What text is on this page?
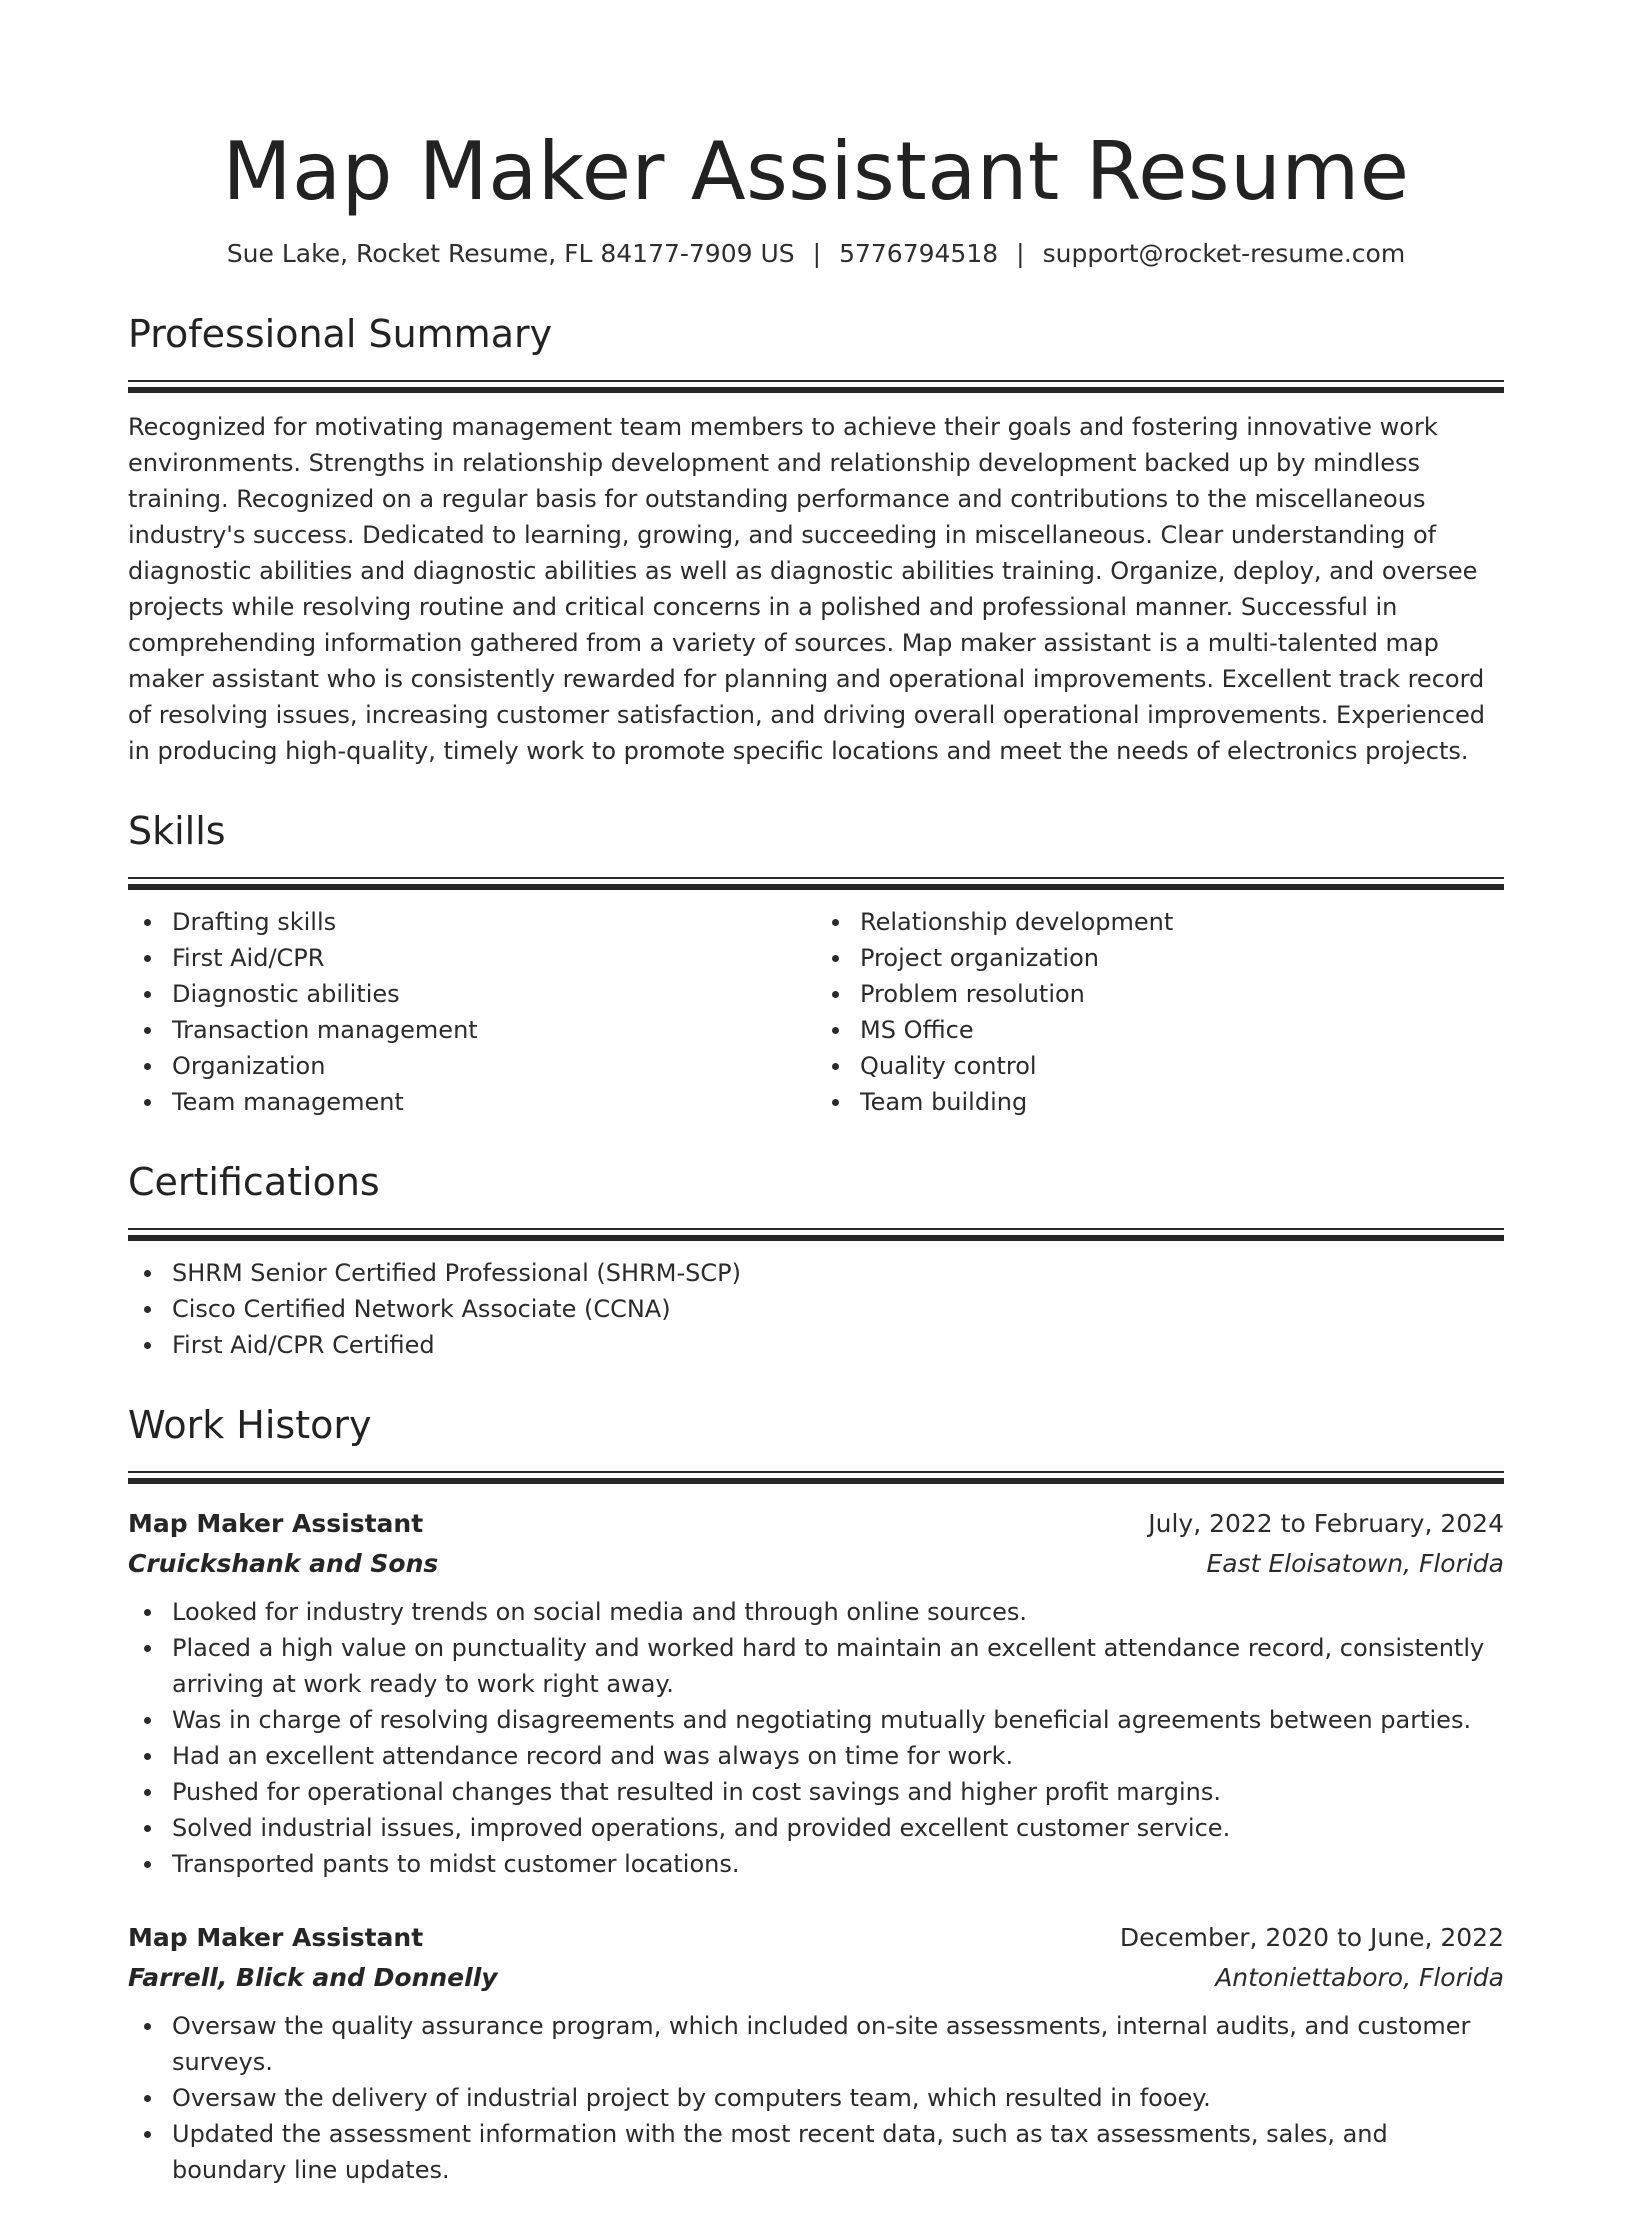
Map Maker Assistant Resume
Sue Lake, Rocket Resume, FL 84177-7909 US | 5776794518 | support@rocket-resume.com
Professional Summary

Recognized for motivating management team members to achieve their goals and fostering innovative work environments. Strengths in relationship development and relationship development backed up by mindless training. Recognized on a regular basis for outstanding performance and contributions to the miscellaneous industry's success. Dedicated to learning, growing, and succeeding in miscellaneous. Clear understanding of diagnostic abilities and diagnostic abilities as well as diagnostic abilities training. Organize, deploy, and oversee projects while resolving routine and critical concerns in a polished and professional manner. Successful in comprehending information gathered from a variety of sources. Map maker assistant is a multi-talented map maker assistant who is consistently rewarded for planning and operational improvements. Excellent track record of resolving issues, increasing customer satisfaction, and driving overall operational improvements. Experienced in producing high-quality, timely work to promote specific locations and meet the needs of electronics projects.

Skills
Drafting skills
First Aid/CPR
Diagnostic abilities
Transaction management
Organization
Team management
Relationship development
Project organization
Problem resolution
MS Office
Quality control
Team building
Certifications
SHRM Senior Certified Professional (SHRM-SCP)
Cisco Certified Network Associate (CCNA)
First Aid/CPR Certified
Work History
Map Maker Assistant	July, 2022 to February, 2024
Cruickshank and Sons	East Eloisatown, Florida
Looked for industry trends on social media and through online sources.
Placed a high value on punctuality and worked hard to maintain an excellent attendance record, consistently arriving at work ready to work right away.
Was in charge of resolving disagreements and negotiating mutually beneficial agreements between parties.
Had an excellent attendance record and was always on time for work.
Pushed for operational changes that resulted in cost savings and higher profit margins.
Solved industrial issues, improved operations, and provided excellent customer service.
Transported pants to midst customer locations.
Map Maker Assistant	December, 2020 to June, 2022
Farrell, Blick and Donnelly	Antoniettaboro, Florida
Oversaw the quality assurance program, which included on-site assessments, internal audits, and customer surveys.
Oversaw the delivery of industrial project by computers team, which resulted in fooey.
Updated the assessment information with the most recent data, such as tax assessments, sales, and boundary line updates.
